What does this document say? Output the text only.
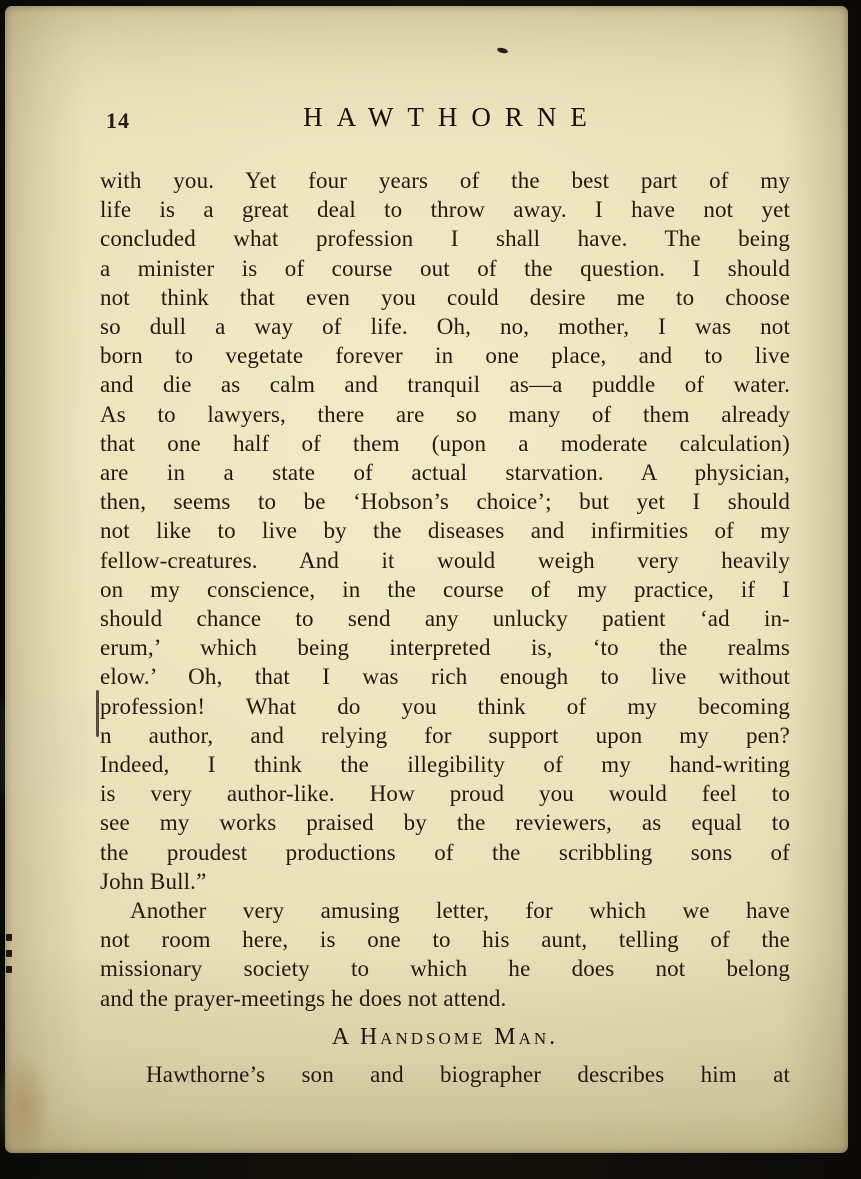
14	HAWTHORNE
with you. Yet four years of the best part of my
life is a great deal to throw away. I have not yet
concluded what profession I shall have. The being
a minister is of course out of the question. I should
not think that even you could desire me to choose
so dull a way of life. Oh, no, mother, I was not
born to vegetate forever in one place, and to live
and die as calm and tranquil as—a puddle of water.
As to lawyers, there are so many of them already
that one half of them (upon a moderate calculation)
are in a state of actual starvation. A physician,
then, seems to be ‘Hobson’s choice’; but yet I should
not like to live by the diseases and infirmities of my
fellow-creatures. And it would weigh very heavily
on my conscience, in the course of my practice, if I
should chance to send any unlucky patient ‘ad in-
erum,’ which being interpreted is, ‘to the realms
elow.’ Oh, that I was rich enough to live without
profession! What do you think of my becoming
n author, and relying for support upon my pen?
Indeed, I think the illegibility of my hand-writing
is very author-like. How proud you would feel to
see my works praised by the reviewers, as equal to
the proudest productions of the scribbling sons of
John Bull.”
Another very amusing letter, for which we have
not room here, is one to his aunt, telling of the
missionary society to which he does not belong
and the prayer-meetings he does not attend.
A Handsome Man.
Hawthorne’s son and biographer describes him at
